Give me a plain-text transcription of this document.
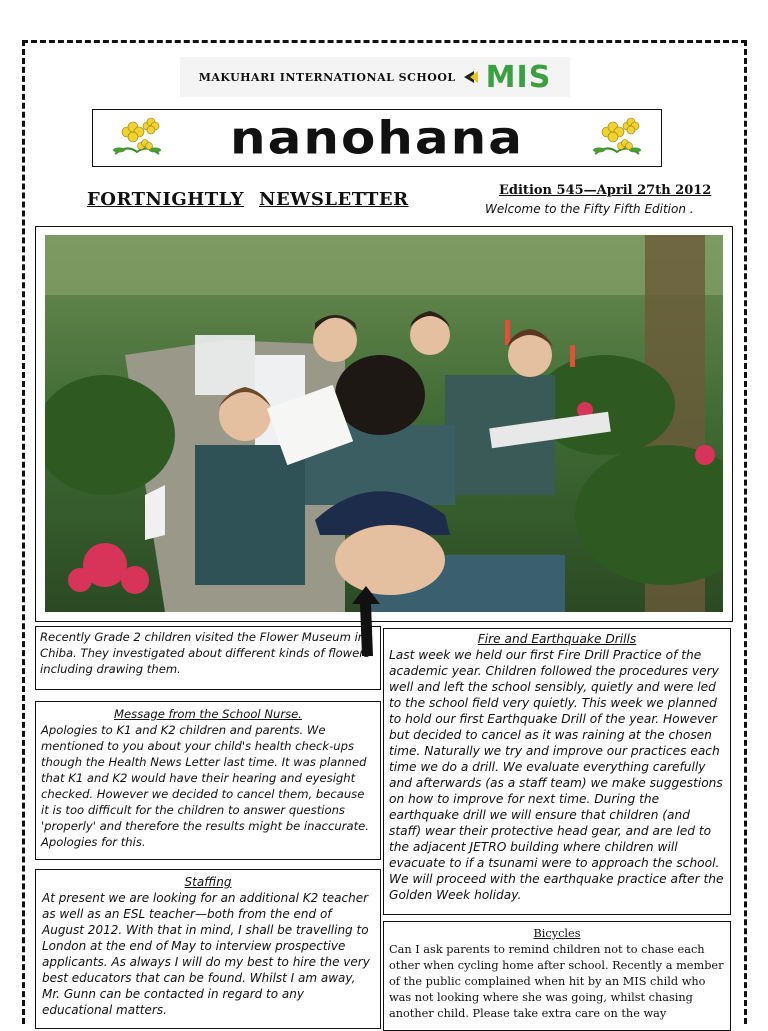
MAKUHARI INTERNATIONAL SCHOOL MIS
nanohana
FORTNIGHTLY NEWSLETTER	Edition 545—April 27th 2012
Welcome to the Fifty Fifth Edition .
Recently Grade 2 children visited the Flower Museum in Chiba. They investigated about different kinds of flowers including drawing them.
Message from the School Nurse.
Apologies to K1 and K2 children and parents. We mentioned to you about your child's health check-ups though the Health News Letter last time. It was planned that K1 and K2 would have their hearing and eyesight checked. However we decided to cancel them, because it is too difficult for the children to answer questions 'properly' and therefore the results might be inaccurate. Apologies for this.
Staffing
At present we are looking for an additional K2 teacher as well as an ESL teacher—both from the end of August 2012. With that in mind, I shall be travelling to London at the end of May to interview prospective applicants. As always I will do my best to hire the very best educators that can be found. Whilst I am away, Mr. Gunn can be contacted in regard to any educational matters.
Fire and Earthquake Drills
Last week we held our first Fire Drill Practice of the academic year. Children followed the procedures very well and left the school sensibly, quietly and were led to the school field very quietly. This week we planned to hold our first Earthquake Drill of the year. However but decided to cancel as it was raining at the chosen time. Naturally we try and improve our practices each time we do a drill. We evaluate everything carefully and afterwards (as a staff team) we make suggestions on how to improve for next time. During the earthquake drill we will ensure that children (and staff) wear their protective head gear, and are led to the adjacent JETRO building where children will evacuate to if a tsunami were to approach the school. We will proceed with the earthquake practice after the Golden Week holiday.
Bicycles
Can I ask parents to remind children not to chase each other when cycling home after school. Recently a member of the public complained when hit by an MIS child who was not looking where she was going, whilst chasing another child. Please take extra care on the way
